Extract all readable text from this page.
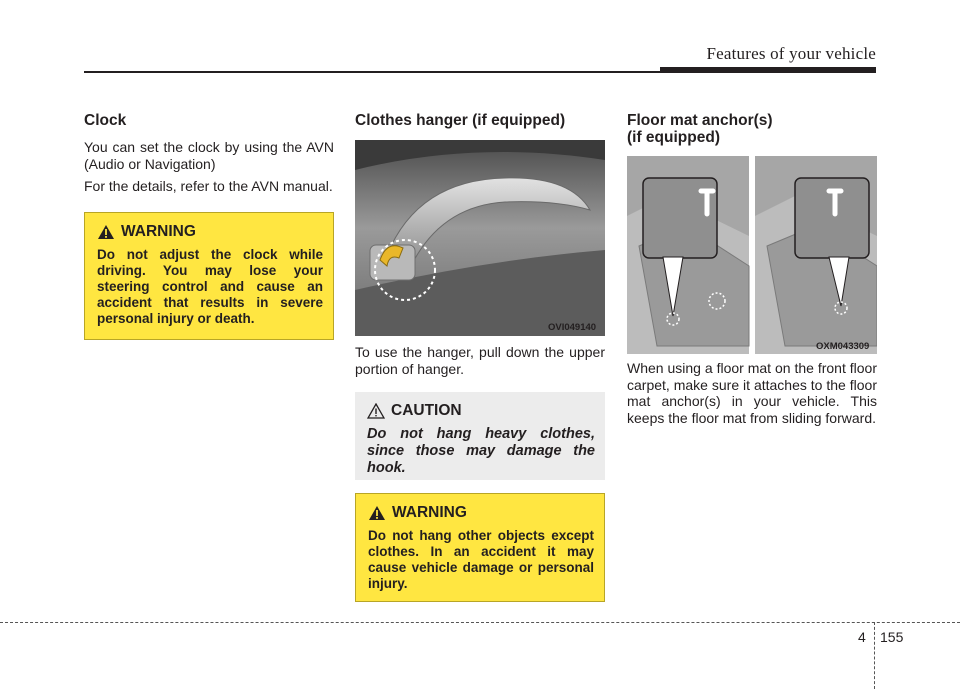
Features of your vehicle
Clock

You can set the clock by using the AVN (Audio or Navigation)

For the details, refer to the AVN manual.

WARNING
Do not adjust the clock while driving. You may lose your steering control and cause an accident that results in severe personal injury or death.
Clothes hanger (if equipped)
OVI049140

To use the hanger, pull down the upper portion of hanger.

CAUTION
Do not hang heavy clothes, since those may damage the hook.
WARNING
Do not hang other objects except clothes. In an accident it may cause vehicle damage or personal injury.
Floor mat anchor(s)
(if equipped)
OXM043309

When using a floor mat on the front floor carpet, make sure it attaches to the floor mat anchor(s) in your vehicle. This keeps the floor mat from sliding forward.

4 155
